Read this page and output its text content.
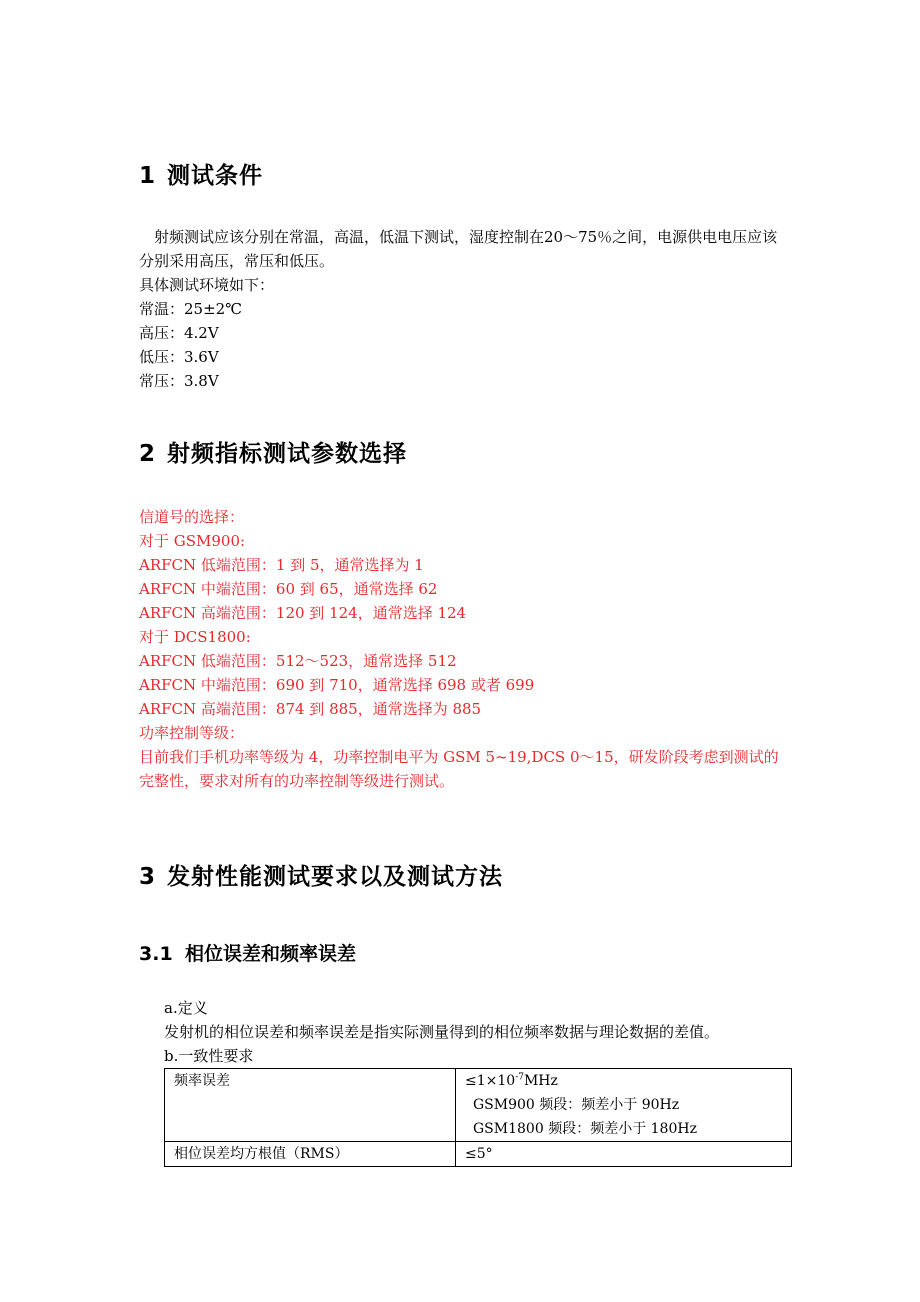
1 测试条件
射频测试应该分别在常温，高温，低温下测试，湿度控制在20～75％之间，电源供电电压应该分别采用高压，常压和低压。
具体测试环境如下：
常温：25±2℃
高压：4.2V
低压：3.6V
常压：3.8V
2 射频指标测试参数选择
信道号的选择：
对于 GSM900:
ARFCN 低端范围：1 到 5，通常选择为 1
ARFCN 中端范围：60 到 65，通常选择 62
ARFCN 高端范围：120 到 124，通常选择 124
对于 DCS1800:
ARFCN 低端范围：512～523，通常选择 512
ARFCN 中端范围：690 到 710，通常选择 698 或者 699
ARFCN 高端范围：874 到 885，通常选择为 885
功率控制等级：
目前我们手机功率等级为 4，功率控制电平为 GSM 5~19,DCS 0～15，研发阶段考虑到测试的完整性，要求对所有的功率控制等级进行测试。
3 发射性能测试要求以及测试方法
3.1 相位误差和频率误差
a.定义
发射机的相位误差和频率误差是指实际测量得到的相位频率数据与理论数据的差值。
b.一致性要求
频率误差	$\le 1\times 10^{-7}MHz$
GSM900 频段：频差小于 90Hz
GSM1800 频段：频差小于 180Hz

相位误差均方根值（RMS）	≤5°
